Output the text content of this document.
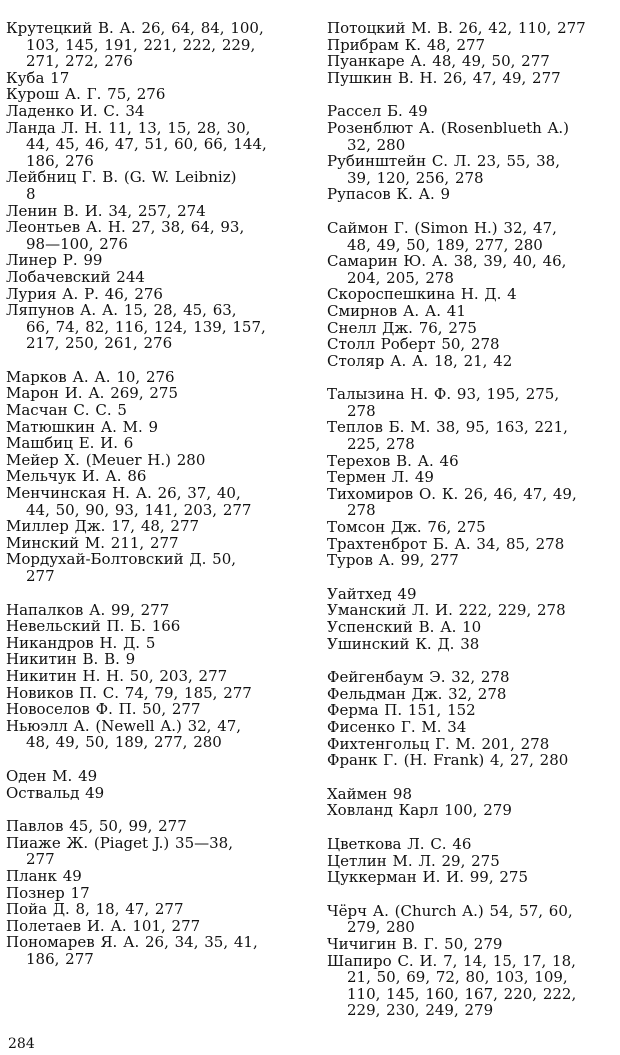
Крутецкий В. А. 26, 64, 84, 100,
103, 145, 191, 221, 222, 229,
271, 272, 276
Куба 17
Курош А. Г. 75, 276
Ладенко И. С. 34
Ланда Л. Н. 11, 13, 15, 28, 30,
44, 45, 46, 47, 51, 60, 66, 144,
186, 276
Лейбниц Г. В. (G. W. Leibniz)
8
Ленин В. И. 34, 257, 274
Леонтьев А. Н. 27, 38, 64, 93,
98—100, 276
Линер Р. 99
Лобачевский 244
Лурия А. Р. 46, 276
Ляпунов А. А. 15, 28, 45, 63,
66, 74, 82, 116, 124, 139, 157,
217, 250, 261, 276
Марков А. А. 10, 276
Марон И. А. 269, 275
Масчан С. С. 5
Матюшкин А. М. 9
Машбиц Е. И. 6
Мейер Х. (Meuer H.) 280
Мельчук И. А. 86
Менчинская Н. А. 26, 37, 40,
44, 50, 90, 93, 141, 203, 277
Миллер Дж. 17, 48, 277
Минский М. 211, 277
Мордухай-Болтовский Д. 50,
277
Напалков А. 99, 277
Невельский П. Б. 166
Никандров Н. Д. 5
Никитин В. В. 9
Никитин Н. Н. 50, 203, 277
Новиков П. С. 74, 79, 185, 277
Новоселов Ф. П. 50, 277
Ньюэлл А. (Newell A.) 32, 47,
48, 49, 50, 189, 277, 280
Оден М. 49
Оствальд 49
Павлов 45, 50, 99, 277
Пиаже Ж. (Piaget J.) 35—38,
277
Планк 49
Познер 17
Пойа Д. 8, 18, 47, 277
Полетаев И. А. 101, 277
Пономарев Я. А. 26, 34, 35, 41,
186, 277
Потоцкий М. В. 26, 42, 110, 277
Прибрам К. 48, 277
Пуанкаре А. 48, 49, 50, 277
Пушкин В. Н. 26, 47, 49, 277
Рассел Б. 49
Розенблют А. (Rosenblueth A.)
32, 280
Рубинштейн С. Л. 23, 55, 38,
39, 120, 256, 278
Рупасов К. А. 9
Саймон Г. (Simon H.) 32, 47,
48, 49, 50, 189, 277, 280
Самарин Ю. А. 38, 39, 40, 46,
204, 205, 278
Скороспешкина Н. Д. 4
Смирнов А. А. 41
Снелл Дж. 76, 275
Столл Роберт 50, 278
Столяр А. А. 18, 21, 42
Талызина Н. Ф. 93, 195, 275,
278
Теплов Б. М. 38, 95, 163, 221,
225, 278
Терехов В. А. 46
Термен Л. 49
Тихомиров О. К. 26, 46, 47, 49,
278
Томсон Дж. 76, 275
Трахтенброт Б. А. 34, 85, 278
Туров А. 99, 277
Уайтхед 49
Уманский Л. И. 222, 229, 278
Успенский В. А. 10
Ушинский К. Д. 38
Фейгенбаум Э. 32, 278
Фельдман Дж. 32, 278
Ферма П. 151, 152
Фисенко Г. М. 34
Фихтенгольц Г. М. 201, 278
Франк Г. (H. Frank) 4, 27, 280
Хаймен 98
Ховланд Карл 100, 279
Цветкова Л. С. 46
Цетлин М. Л. 29, 275
Цуккерман И. И. 99, 275
Чёрч А. (Church A.) 54, 57, 60,
279, 280
Чичигин В. Г. 50, 279
Шапиро С. И. 7, 14, 15, 17, 18,
21, 50, 69, 72, 80, 103, 109,
110, 145, 160, 167, 220, 222,
229, 230, 249, 279
284
